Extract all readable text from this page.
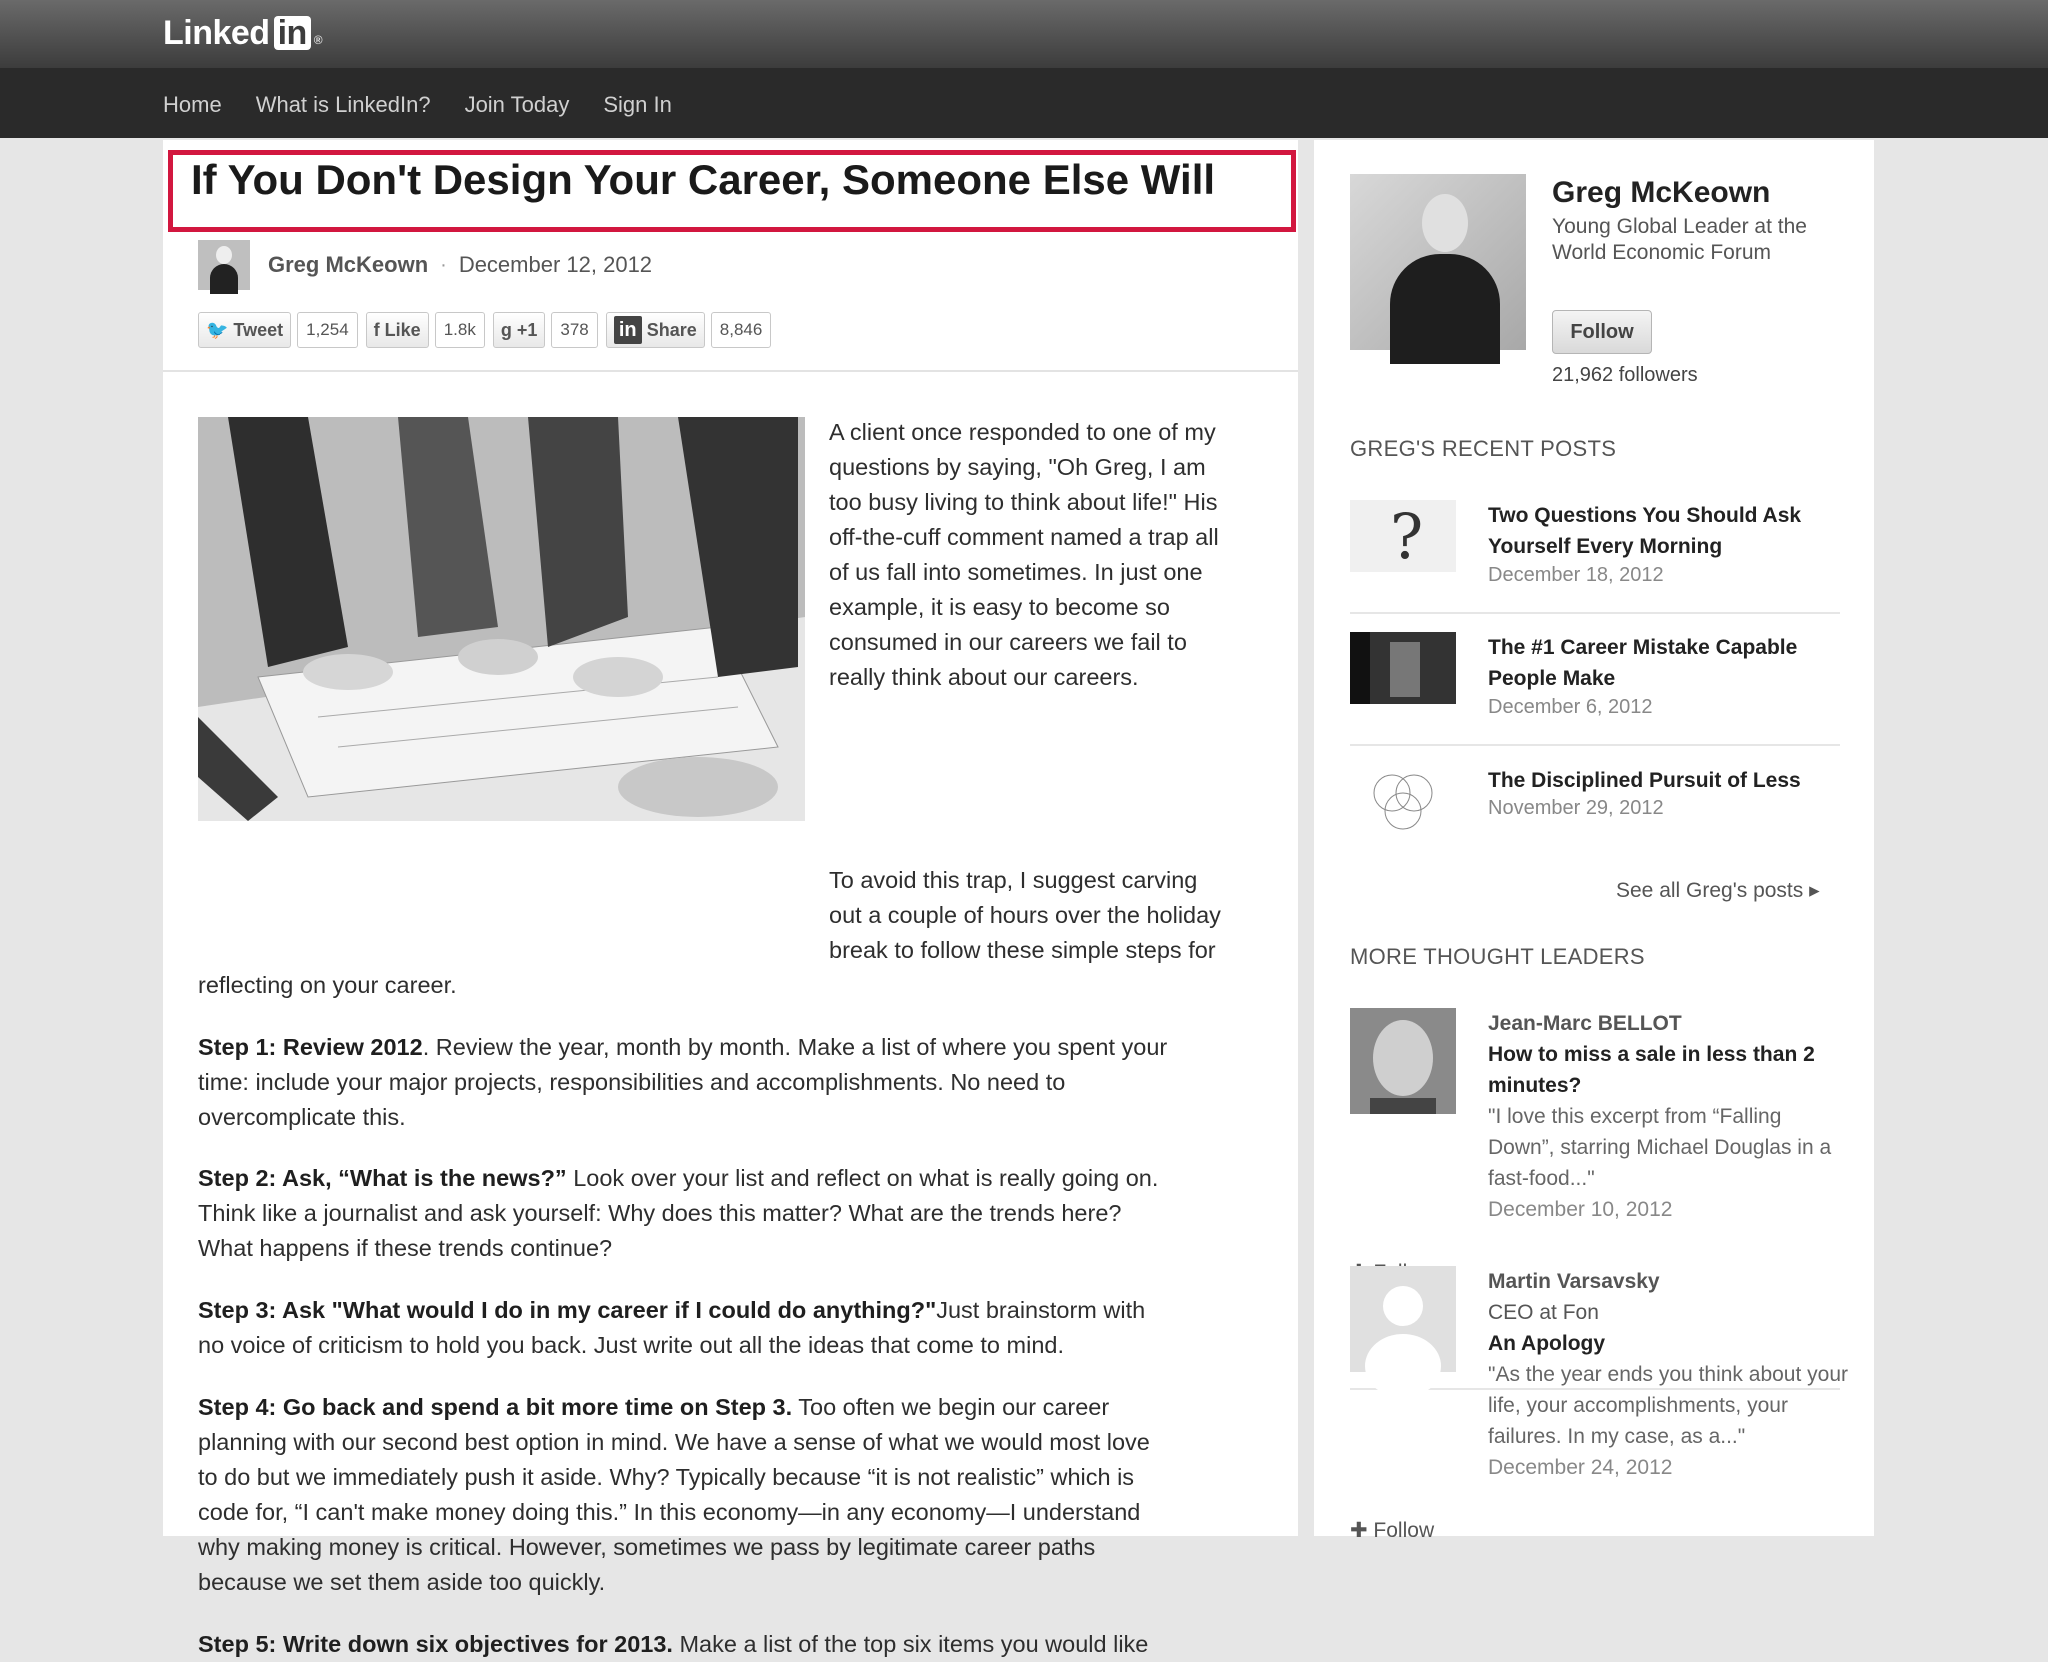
Linked in ®
Home What is LinkedIn? Join Today Sign In
If You Don't Design Your Career, Someone Else Will
Greg McKeown · December 12, 2012
🐦 Tweet	1,254	f Like	1.8k	g +1	378	in Share	8,846
A client once responded to one of my
questions by saying, "Oh Greg, I am
too busy living to think about life!" His
off-the-cuff comment named a trap all
of us fall into sometimes. In just one
example, it is easy to become so
consumed in our careers we fail to
really think about our careers.
To avoid this trap, I suggest carving
out a couple of hours over the holiday
break to follow these simple steps for
reflecting on your career.
Step 1: Review 2012. Review the year, month by month. Make a list of where you spent your
time: include your major projects, responsibilities and accomplishments. No need to
overcomplicate this.
Step 2: Ask, “What is the news?” Look over your list and reflect on what is really going on.
Think like a journalist and ask yourself: Why does this matter? What are the trends here?
What happens if these trends continue?
Step 3: Ask "What would I do in my career if I could do anything?"Just brainstorm with
no voice of criticism to hold you back. Just write out all the ideas that come to mind.
Step 4: Go back and spend a bit more time on Step 3. Too often we begin our career
planning with our second best option in mind. We have a sense of what we would most love
to do but we immediately push it aside. Why? Typically because “it is not realistic” which is
code for, “I can't make money doing this.” In this economy—in any economy—I understand
why making money is critical. However, sometimes we pass by legitimate career paths
because we set them aside too quickly.
Step 5: Write down six objectives for 2013. Make a list of the top six items you would like
Greg McKeown
Young Global Leader at the World Economic Forum
Follow
21,962 followers
GREG'S RECENT POSTS
?	Two Questions You Should Ask Yourself Every Morning
December 18, 2012
The #1 Career Mistake Capable People Make
December 6, 2012
The Disciplined Pursuit of Less
November 29, 2012
See all Greg's posts ▸
MORE THOUGHT LEADERS
Jean-Marc BELLOT
How to miss a sale in less than 2 minutes?
"I love this excerpt from “Falling Down”, starring Michael Douglas in a fast-food..."
December 10, 2012
✚ Follow
Martin Varsavsky
CEO at Fon
An Apology
"As the year ends you think about your life, your accomplishments, your failures. In my case, as a..."
December 24, 2012
